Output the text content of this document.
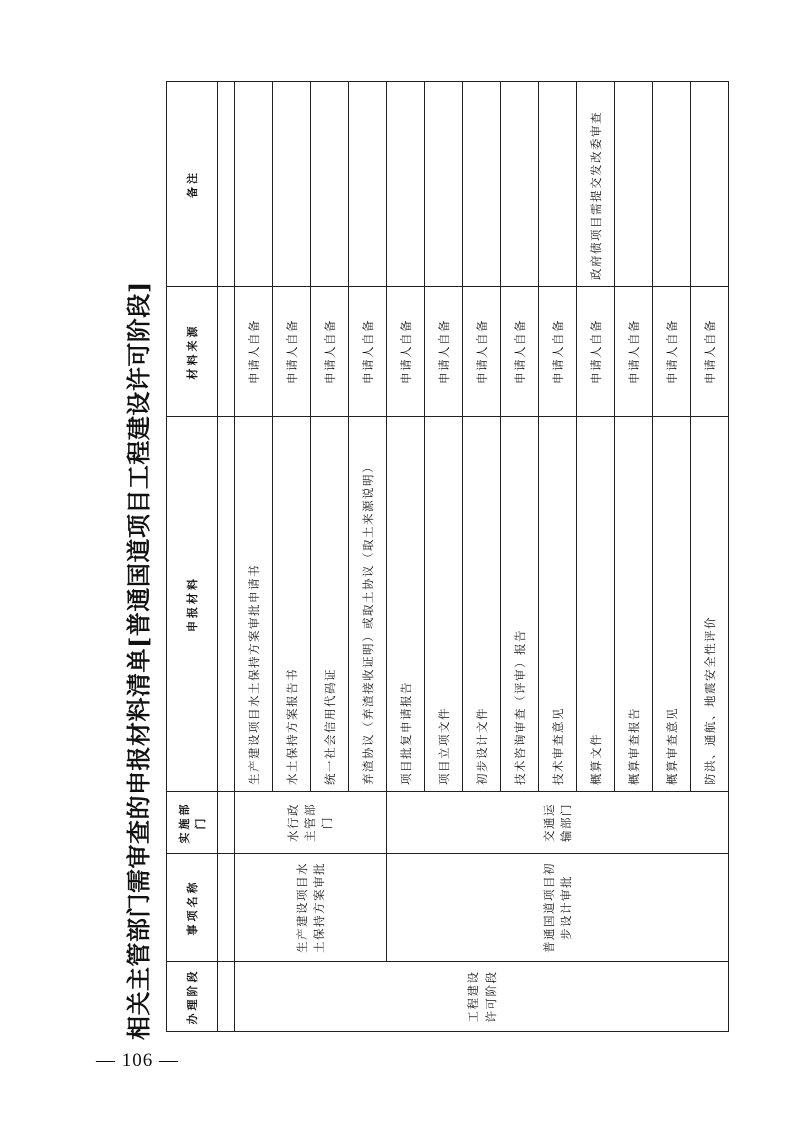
— 106 —
相关主管部门需审查的申报材料清单[普通国道项目工程建设许可阶段]	办理阶段	事项名称	实施部门	申报材料	材料来源	备注

工程建设许可阶段	生产建设项目水土保持方案审批	水行政主管部门	生产建设项目水土保持方案审批申请书	申请人自备	
			水土保持方案报告书	申请人自备	
			统一社会信用代码证	申请人自备	
			弃渣协议（弃渣接收证明）或取土协议（取土来源说明）	申请人自备	
	普通国道项目初步设计审批	交通运输部门	项目批复申请报告	申请人自备	
			项目立项文件	申请人自备	
			初步设计文件	申请人自备	
			技术咨询审查（评审）报告	申请人自备	
			技术审查意见	申请人自备	
			概算文件	申请人自备	政府债项目需提交发改委审查
			概算审查报告	申请人自备	
			概算审查意见	申请人自备	
			防洪、通航、地震安全性评价	申请人自备	
